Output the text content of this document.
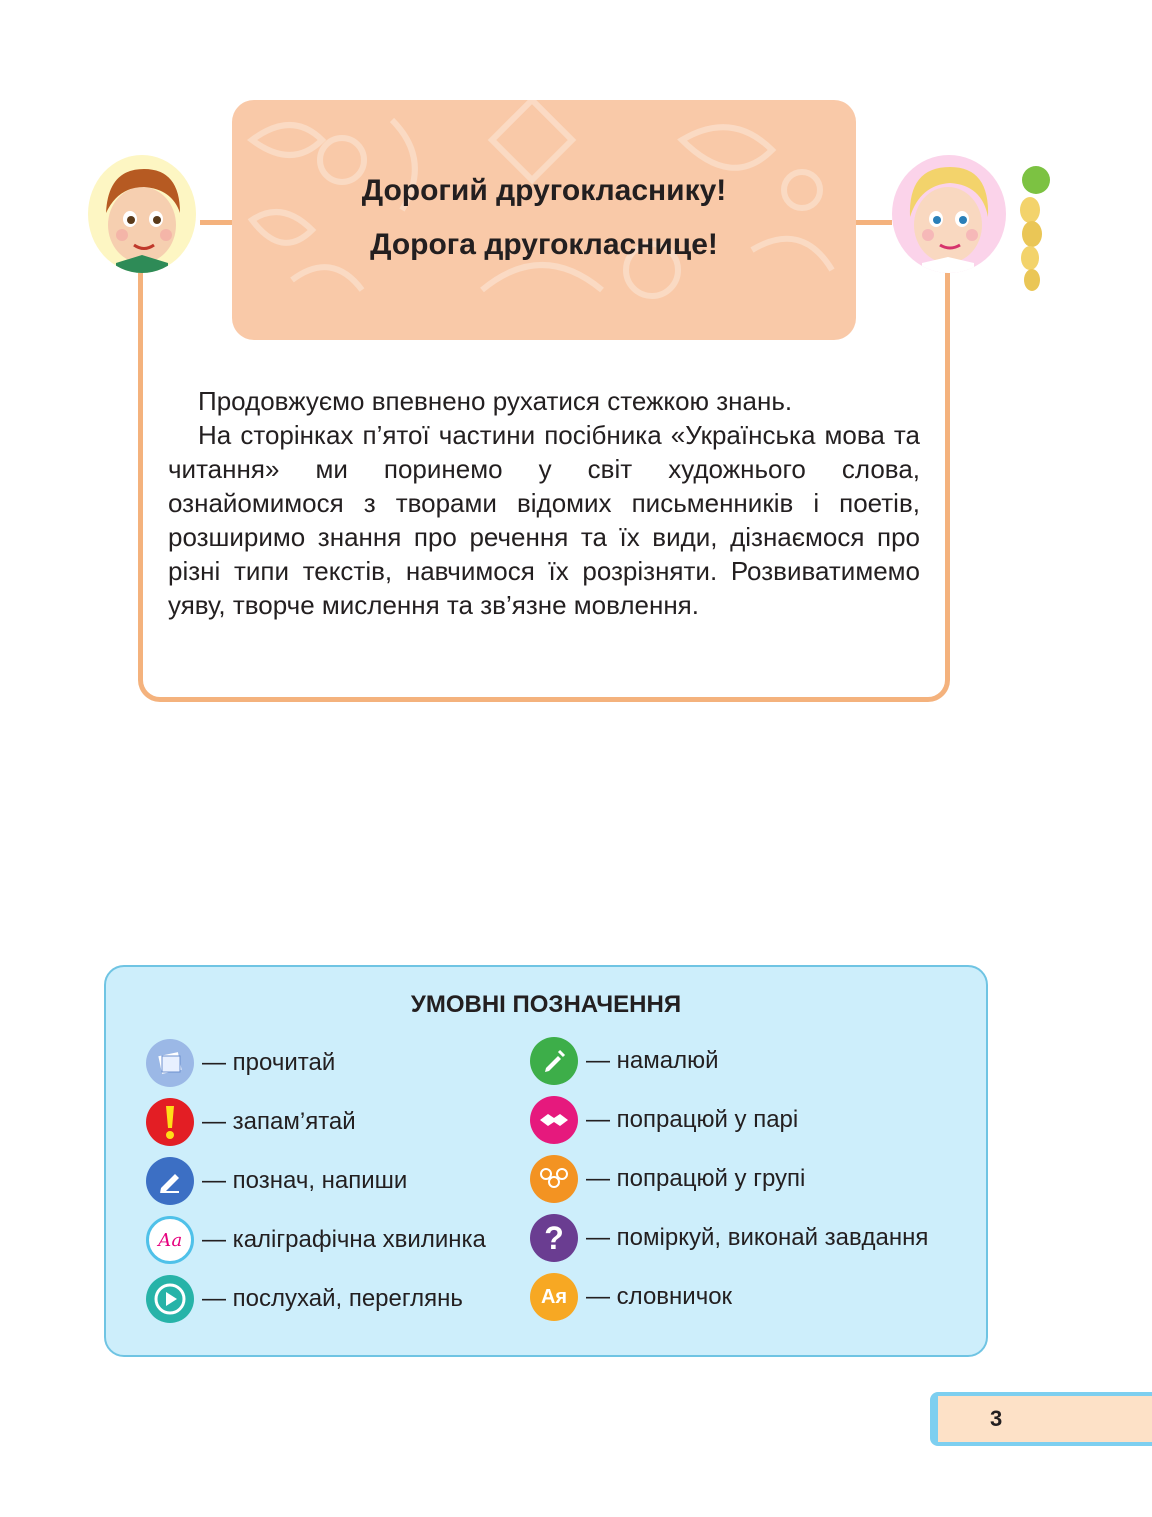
Дорогий другокласнику!
Дорога другокласнице!

Продовжуємо впевнено рухатися стежкою знань.

На сторінках п’ятої частини посібника «Українська мова та читання» ми поринемо у світ художнього слова, ознайомимося з творами відомих письменників і поетів, розширимо знання про речення та їх види, дізнаємося про різні типи текстів, навчимося їх розрізняти. Розвиватимемо уяву, творче мислення та зв’язне мовлення.

УМОВНІ ПОЗНАЧЕННЯ
— прочитай
— запам’ятай
— познач, напиши
Аа — каліграфічна хвилинка
— послухай, переглянь
— намалюй
— попрацюй у парі
— попрацюй у групі
? — поміркуй, виконай завдання
Ая — словничок
3
